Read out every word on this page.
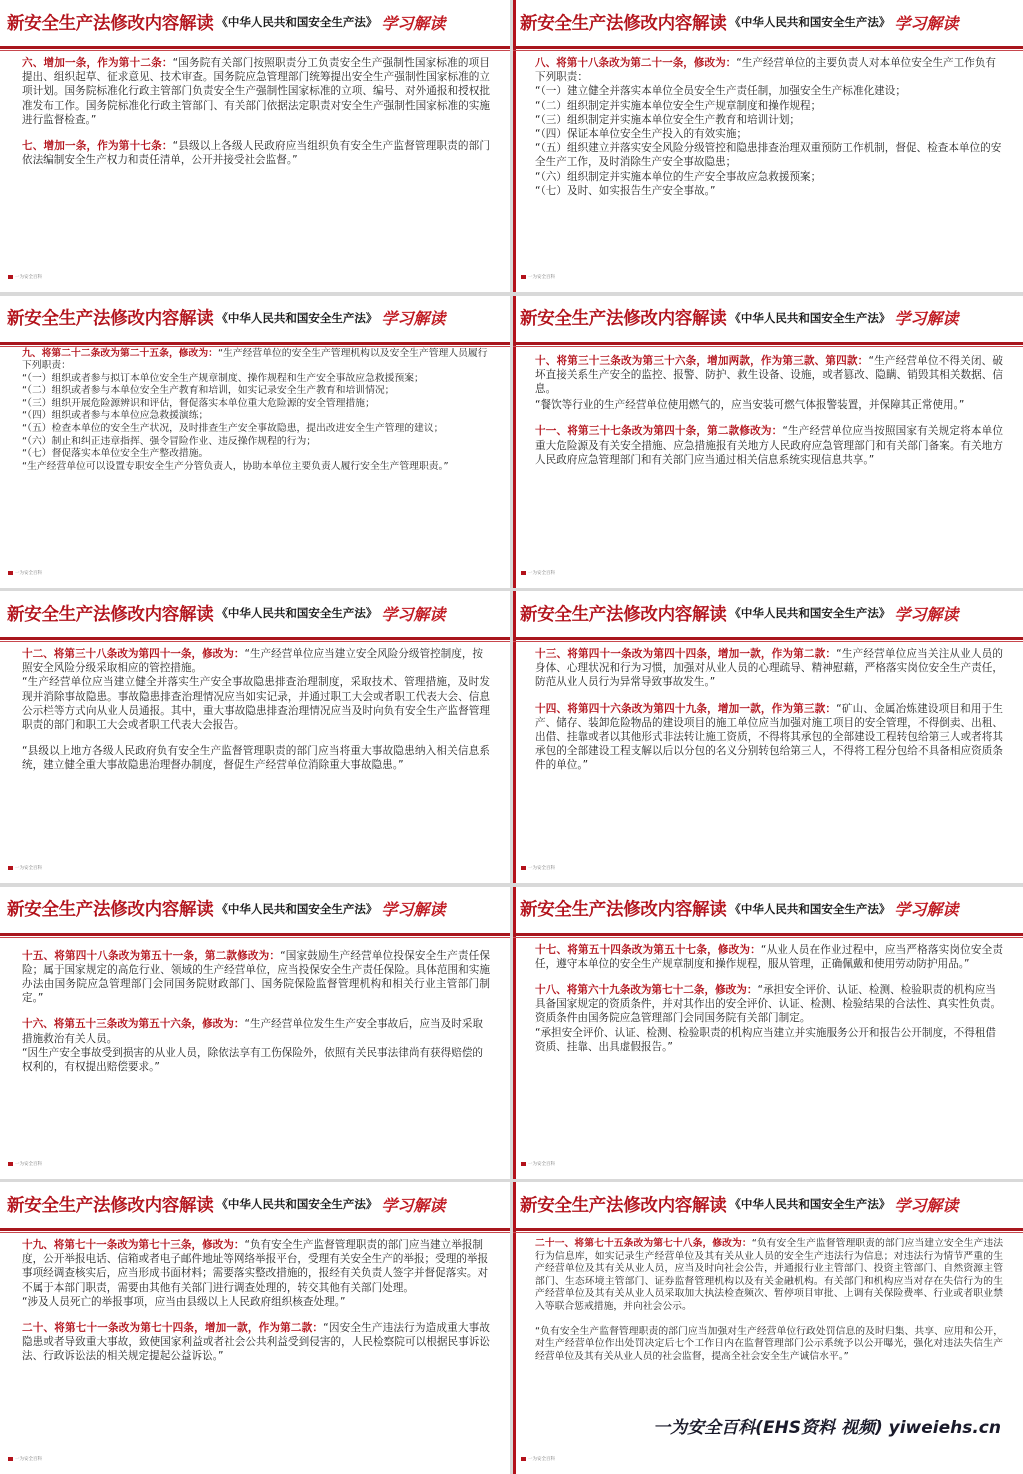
新安全生产法修改内容解读 《中华人民共和国安全生产法》 学习解读

六、增加一条，作为第十二条：“国务院有关部门按照职责分工负责安全生产强制性国家标准的项目提出、组织起草、征求意见、技术审查。国务院应急管理部门统筹提出安全生产强制性国家标准的立项计划。国务院标准化行政主管部门负责安全生产强制性国家标准的立项、编号、对外通报和授权批准发布工作。国务院标准化行政主管部门、有关部门依据法定职责对安全生产强制性国家标准的实施进行监督检查。”

七、增加一条，作为第十七条：“县级以上各级人民政府应当组织负有安全生产监督管理职责的部门依法编制安全生产权力和责任清单，公开并接受社会监督。”

一为安全百科
新安全生产法修改内容解读 《中华人民共和国安全生产法》 学习解读

八、将第十八条改为第二十一条，修改为：“生产经营单位的主要负责人对本单位安全生产工作负有下列职责：

“（一）建立健全并落实本单位全员安全生产责任制，加强安全生产标准化建设；

“（二）组织制定并实施本单位安全生产规章制度和操作规程；

“（三）组织制定并实施本单位安全生产教育和培训计划；

“（四）保证本单位安全生产投入的有效实施；

“（五）组织建立并落实安全风险分级管控和隐患排查治理双重预防工作机制，督促、检查本单位的安全生产工作，及时消除生产安全事故隐患；

“（六）组织制定并实施本单位的生产安全事故应急救援预案；

“（七）及时、如实报告生产安全事故。”

一为安全百科
新安全生产法修改内容解读 《中华人民共和国安全生产法》 学习解读

九、将第二十二条改为第二十五条，修改为：“生产经营单位的安全生产管理机构以及安全生产管理人员履行下列职责：

“（一）组织或者参与拟订本单位安全生产规章制度、操作规程和生产安全事故应急救援预案；

“（二）组织或者参与本单位安全生产教育和培训，如实记录安全生产教育和培训情况；

“（三）组织开展危险源辨识和评估，督促落实本单位重大危险源的安全管理措施；

“（四）组织或者参与本单位应急救援演练；

“（五）检查本单位的安全生产状况，及时排查生产安全事故隐患，提出改进安全生产管理的建议；

“（六）制止和纠正违章指挥、强令冒险作业、违反操作规程的行为；

“（七）督促落实本单位安全生产整改措施。

“生产经营单位可以设置专职安全生产分管负责人，协助本单位主要负责人履行安全生产管理职责。”

一为安全百科
新安全生产法修改内容解读 《中华人民共和国安全生产法》 学习解读

十、将第三十三条改为第三十六条，增加两款，作为第三款、第四款：“生产经营单位不得关闭、破坏直接关系生产安全的监控、报警、防护、救生设备、设施，或者篡改、隐瞒、销毁其相关数据、信息。

“餐饮等行业的生产经营单位使用燃气的，应当安装可燃气体报警装置，并保障其正常使用。”

十一、将第三十七条改为第四十条，第二款修改为：“生产经营单位应当按照国家有关规定将本单位重大危险源及有关安全措施、应急措施报有关地方人民政府应急管理部门和有关部门备案。有关地方人民政府应急管理部门和有关部门应当通过相关信息系统实现信息共享。”

一为安全百科
新安全生产法修改内容解读 《中华人民共和国安全生产法》 学习解读

十二、将第三十八条改为第四十一条，修改为：“生产经营单位应当建立安全风险分级管控制度，按照安全风险分级采取相应的管控措施。

“生产经营单位应当建立健全并落实生产安全事故隐患排查治理制度，采取技术、管理措施，及时发现并消除事故隐患。事故隐患排查治理情况应当如实记录，并通过职工大会或者职工代表大会、信息公示栏等方式向从业人员通报。其中，重大事故隐患排查治理情况应当及时向负有安全生产监督管理职责的部门和职工大会或者职工代表大会报告。

“县级以上地方各级人民政府负有安全生产监督管理职责的部门应当将重大事故隐患纳入相关信息系统，建立健全重大事故隐患治理督办制度，督促生产经营单位消除重大事故隐患。”

一为安全百科
新安全生产法修改内容解读 《中华人民共和国安全生产法》 学习解读

十三、将第四十一条改为第四十四条，增加一款，作为第二款：“生产经营单位应当关注从业人员的身体、心理状况和行为习惯，加强对从业人员的心理疏导、精神慰藉，严格落实岗位安全生产责任，防范从业人员行为异常导致事故发生。”

十四、将第四十六条改为第四十九条，增加一款，作为第三款：“矿山、金属冶炼建设项目和用于生产、储存、装卸危险物品的建设项目的施工单位应当加强对施工项目的安全管理，不得倒卖、出租、出借、挂靠或者以其他形式非法转让施工资质，不得将其承包的全部建设工程转包给第三人或者将其承包的全部建设工程支解以后以分包的名义分别转包给第三人，不得将工程分包给不具备相应资质条件的单位。”

一为安全百科
新安全生产法修改内容解读 《中华人民共和国安全生产法》 学习解读

十五、将第四十八条改为第五十一条，第二款修改为：“国家鼓励生产经营单位投保安全生产责任保险；属于国家规定的高危行业、领域的生产经营单位，应当投保安全生产责任保险。具体范围和实施办法由国务院应急管理部门会同国务院财政部门、国务院保险监督管理机构和相关行业主管部门制定。”

十六、将第五十三条改为第五十六条，修改为：“生产经营单位发生生产安全事故后，应当及时采取措施救治有关人员。

“因生产安全事故受到损害的从业人员，除依法享有工伤保险外，依照有关民事法律尚有获得赔偿的权利的，有权提出赔偿要求。”

一为安全百科
新安全生产法修改内容解读 《中华人民共和国安全生产法》 学习解读

十七、将第五十四条改为第五十七条，修改为：“从业人员在作业过程中，应当严格落实岗位安全责任，遵守本单位的安全生产规章制度和操作规程，服从管理，正确佩戴和使用劳动防护用品。”

十八、将第六十九条改为第七十二条，修改为：“承担安全评价、认证、检测、检验职责的机构应当具备国家规定的资质条件，并对其作出的安全评价、认证、检测、检验结果的合法性、真实性负责。资质条件由国务院应急管理部门会同国务院有关部门制定。

“承担安全评价、认证、检测、检验职责的机构应当建立并实施服务公开和报告公开制度，不得租借资质、挂靠、出具虚假报告。”

一为安全百科
新安全生产法修改内容解读 《中华人民共和国安全生产法》 学习解读

十九、将第七十一条改为第七十三条，修改为：“负有安全生产监督管理职责的部门应当建立举报制度，公开举报电话、信箱或者电子邮件地址等网络举报平台，受理有关安全生产的举报；受理的举报事项经调查核实后，应当形成书面材料；需要落实整改措施的，报经有关负责人签字并督促落实。对不属于本部门职责，需要由其他有关部门进行调查处理的，转交其他有关部门处理。

“涉及人员死亡的举报事项，应当由县级以上人民政府组织核查处理。”

二十、将第七十一条改为第七十四条，增加一款，作为第二款：“因安全生产违法行为造成重大事故隐患或者导致重大事故，致使国家利益或者社会公共利益受到侵害的，人民检察院可以根据民事诉讼法、行政诉讼法的相关规定提起公益诉讼。”

一为安全百科
新安全生产法修改内容解读 《中华人民共和国安全生产法》 学习解读

二十一、将第七十五条改为第七十八条，修改为：“负有安全生产监督管理职责的部门应当建立安全生产违法行为信息库，如实记录生产经营单位及其有关从业人员的安全生产违法行为信息；对违法行为情节严重的生产经营单位及其有关从业人员，应当及时向社会公告，并通报行业主管部门、投资主管部门、自然资源主管部门、生态环境主管部门、证券监督管理机构以及有关金融机构。有关部门和机构应当对存在失信行为的生产经营单位及其有关从业人员采取加大执法检查频次、暂停项目审批、上调有关保险费率、行业或者职业禁入等联合惩戒措施，并向社会公示。

“负有安全生产监督管理职责的部门应当加强对生产经营单位行政处罚信息的及时归集、共享、应用和公开，对生产经营单位作出处罚决定后七个工作日内在监督管理部门公示系统予以公开曝光，强化对违法失信生产经营单位及其有关从业人员的社会监督，提高全社会安全生产诚信水平。”

一为安全百科(EHS资料 视频) yiweiehs.cn
一为安全百科
